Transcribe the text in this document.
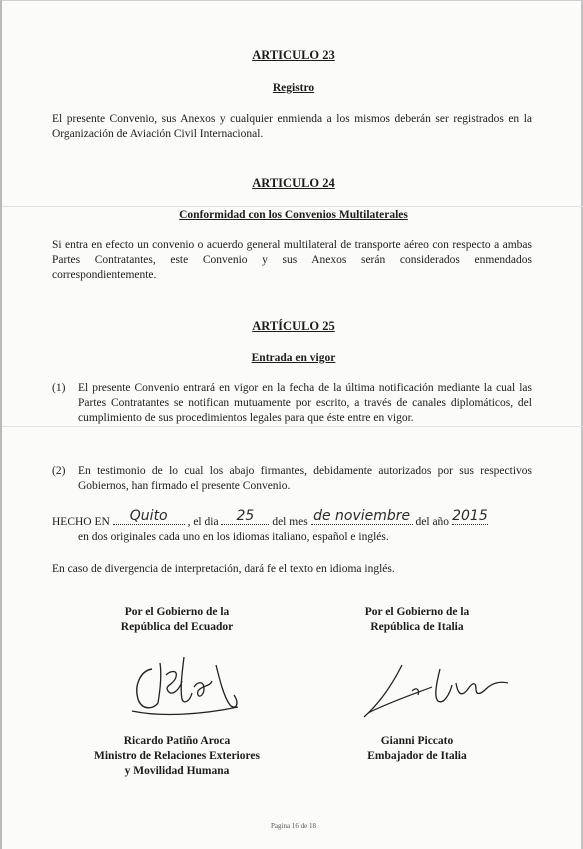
ARTICULO 23
Registro

El presente Convenio, sus Anexos y cualquier enmienda a los mismos deberán ser registrados en la Organización de Aviación Civil Internacional.

ARTICULO 24
Conformidad con los Convenios Multilaterales

Si entra en efecto un convenio o acuerdo general multilateral de transporte aéreo con respecto a ambas Partes Contratantes, este Convenio y sus Anexos serán considerados enmendados correspondientemente.

ARTÍCULO 25
Entrada en vigor
(1) El presente Convenio entrará en vigor en la fecha de la última notificación mediante la cual las Partes Contratantes se notifican mutuamente por escrito, a través de canales diplomáticos, del cumplimiento de sus procedimientos legales para que éste entre en vigor.
(2) En testimonio de lo cual los abajo firmantes, debidamente autorizados por sus respectivos Gobiernos, han firmado el presente Convenio.
HECHO EN	Quito	, el dia	25	del mes de noviembre del año 2015
en dos originales cada uno en los idiomas italiano, español e inglés.

En caso de divergencia de interpretación, dará fe el texto en idioma inglés.

Por el Gobierno de la
República del Ecuador
Ricardo Patiño Aroca
Ministro de Relaciones Exteriores
y Movilidad Humana
Por el Gobierno de la
República de Italia
Gianni Piccato
Embajador de Italia
Pagina 16 de 18
